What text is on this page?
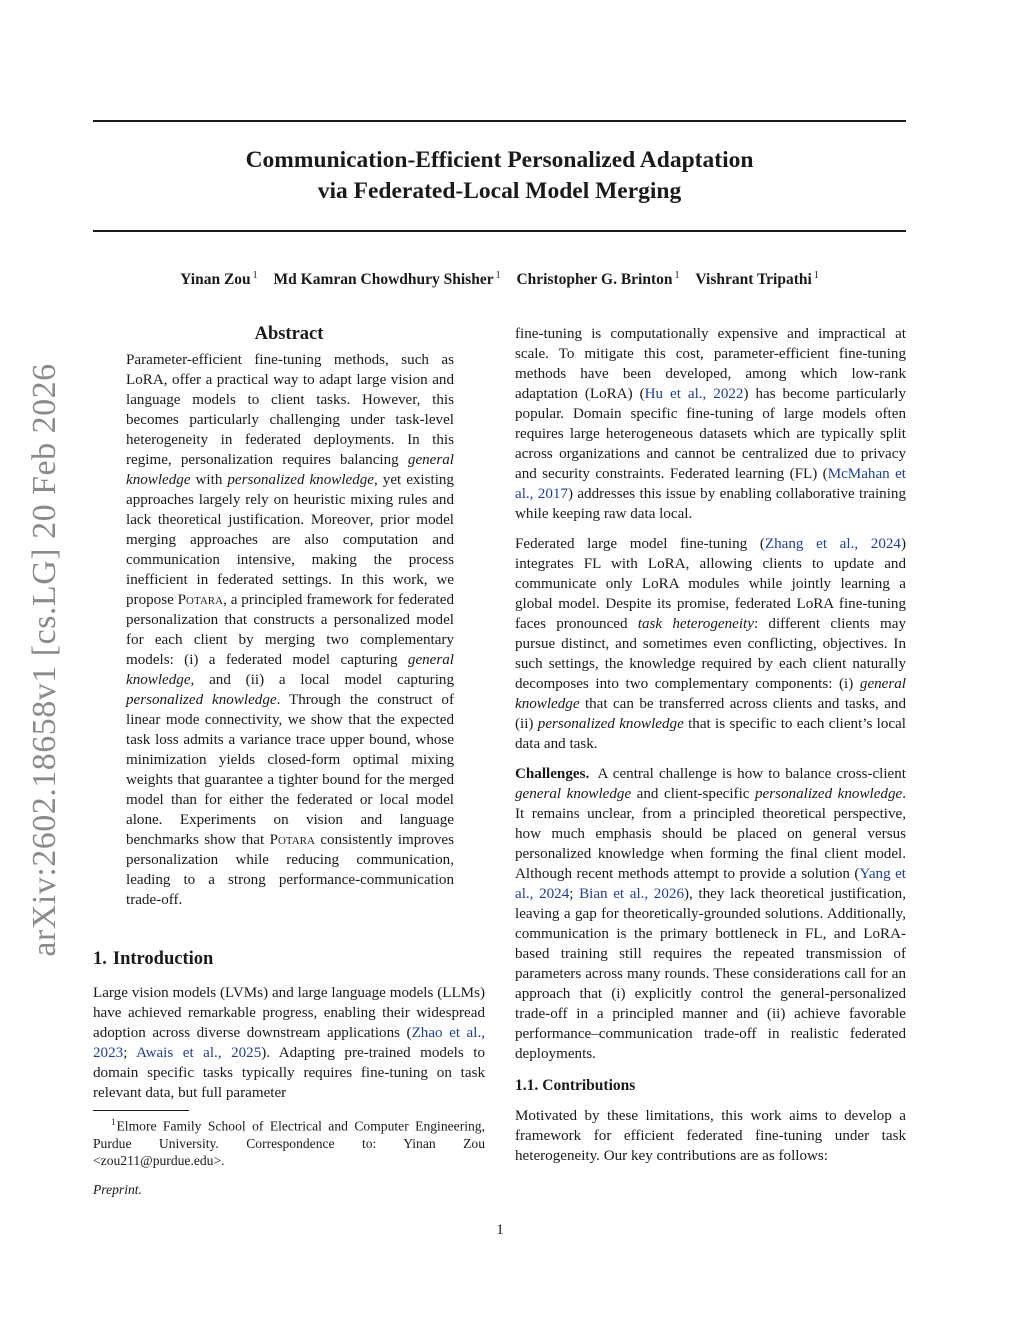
Communication-Efficient Personalized Adaptation
via Federated-Local Model Merging
Yinan Zou $^1$ Md Kamran Chowdhury Shisher $^1$ Christopher G. Brinton $^1$ Vishrant Tripathi $^1$
arXiv:2602.18658v1 [cs.LG] 20 Feb 2026
Abstract

Parameter-efficient fine-tuning methods, such as LoRA, offer a practical way to adapt large vision and language models to client tasks. However, this becomes particularly challenging under task-level heterogeneity in federated deployments. In this regime, personalization requires balancing general knowledge with personalized knowledge, yet existing approaches largely rely on heuristic mixing rules and lack theoretical justification. Moreover, prior model merging approaches are also computation and communication intensive, making the process inefficient in federated settings. In this work, we propose Potara, a principled framework for federated personalization that constructs a personalized model for each client by merging two complementary models: (i) a federated model capturing general knowledge, and (ii) a local model capturing personalized knowledge. Through the construct of linear mode connectivity, we show that the expected task loss admits a variance trace upper bound, whose minimization yields closed-form optimal mixing weights that guarantee a tighter bound for the merged model than for either the federated or local model alone. Experiments on vision and language benchmarks show that Potara consistently improves personalization while reducing communication, leading to a strong performance-communication trade-off.

1. Introduction

Large vision models (LVMs) and large language models (LLMs) have achieved remarkable progress, enabling their widespread adoption across diverse downstream applications (Zhao et al., 2023; Awais et al., 2025). Adapting pre-trained models to domain specific tasks typically requires fine-tuning on task relevant data, but full parameter

$^1$Elmore Family School of Electrical and Computer Engineering, Purdue University. Correspondence to: Yinan Zou <zou211@purdue.edu>.

Preprint.

fine-tuning is computationally expensive and impractical at scale. To mitigate this cost, parameter-efficient fine-tuning methods have been developed, among which low-rank adaptation (LoRA) (Hu et al., 2022) has become particularly popular. Domain specific fine-tuning of large models often requires large heterogeneous datasets which are typically split across organizations and cannot be centralized due to privacy and security constraints. Federated learning (FL) (McMahan et al., 2017) addresses this issue by enabling collaborative training while keeping raw data local.

Federated large model fine-tuning (Zhang et al., 2024) integrates FL with LoRA, allowing clients to update and communicate only LoRA modules while jointly learning a global model. Despite its promise, federated LoRA fine-tuning faces pronounced task heterogeneity: different clients may pursue distinct, and sometimes even conflicting, objectives. In such settings, the knowledge required by each client naturally decomposes into two complementary components: (i) general knowledge that can be transferred across clients and tasks, and (ii) personalized knowledge that is specific to each client’s local data and task.

Challenges. A central challenge is how to balance cross-client general knowledge and client-specific personalized knowledge. It remains unclear, from a principled theoretical perspective, how much emphasis should be placed on general versus personalized knowledge when forming the final client model. Although recent methods attempt to provide a solution (Yang et al., 2024; Bian et al., 2026), they lack theoretical justification, leaving a gap for theoretically-grounded solutions. Additionally, communication is the primary bottleneck in FL, and LoRA-based training still requires the repeated transmission of parameters across many rounds. These considerations call for an approach that (i) explicitly control the general-personalized trade-off in a principled manner and (ii) achieve favorable performance–communication trade-off in realistic federated deployments.

1.1. Contributions

Motivated by these limitations, this work aims to develop a framework for efficient federated fine-tuning under task heterogeneity. Our key contributions are as follows:

1
